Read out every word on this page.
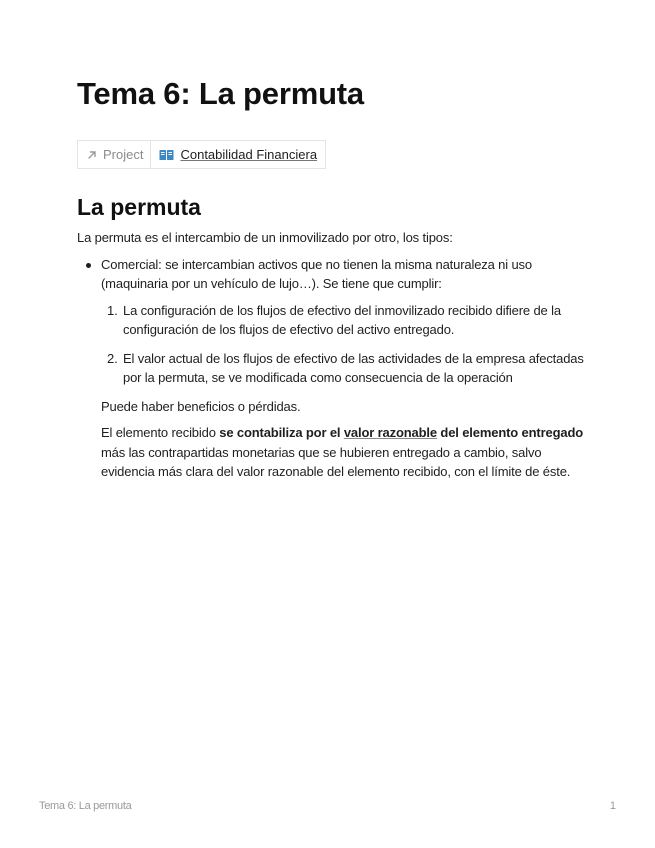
Tema 6: La permuta
Project	Contabilidad Financiera
La permuta

La permuta es el intercambio de un inmovilizado por otro, los tipos:

Comercial: se intercambian activos que no tienen la misma naturaleza ni uso (maquinaria por un vehículo de lujo…). Se tiene que cumplir:

1. La configuración de los flujos de efectivo del inmovilizado recibido difiere de la configuración de los flujos de efectivo del activo entregado.
2. El valor actual de los flujos de efectivo de las actividades de la empresa afectadas por la permuta, se ve modificada como consecuencia de la operación

Puede haber beneficios o pérdidas.

El elemento recibido se contabiliza por el valor razonable del elemento entregado más las contrapartidas monetarias que se hubieren entregado a cambio, salvo evidencia más clara del valor razonable del elemento recibido, con el límite de éste.

Tema 6: La permuta	1
